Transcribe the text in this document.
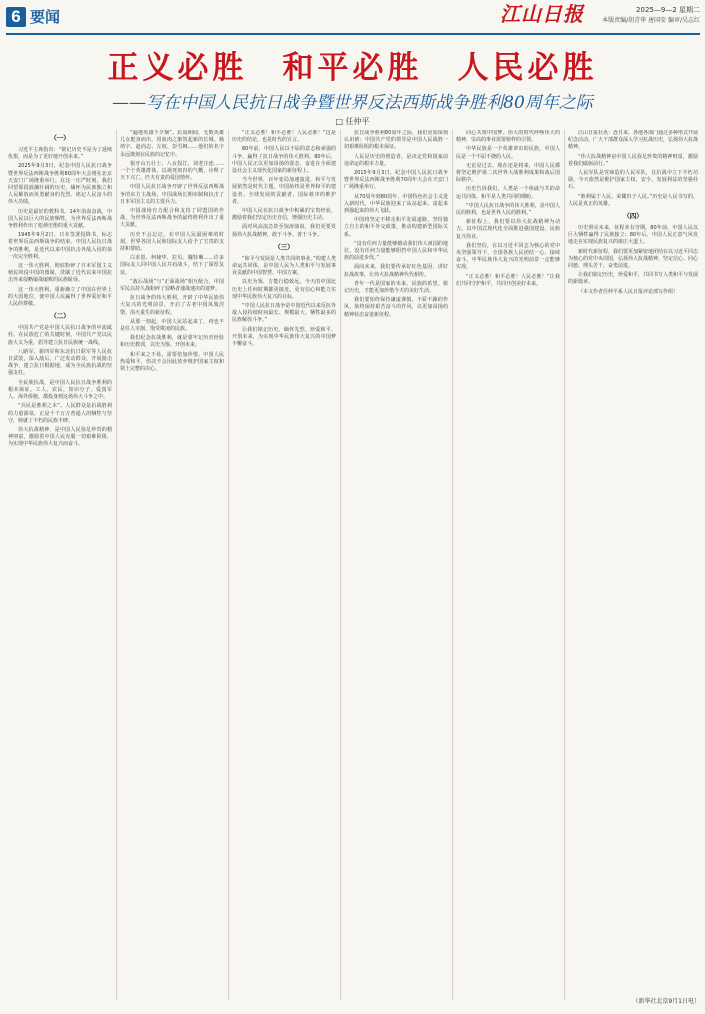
6 要闻	江山日报	2025—9—2 星期二
本版责编/胡青华 唐国安 编审/吴志红
正义必胜　和平必胜　人民必胜
——写在中国人民抗日战争暨世界反法西斯战争胜利80周年之际
□ 任仲平
（一）

习近平主席指出：“铭记历史不是为了延续仇恨，而是为了更好地开创未来。”

2025年9月3日，纪念中国人民抗日战争暨世界反法西斯战争胜利80周年大会将在北京天安门广场隆重举行。在这一庄严时刻，我们回望那段波澜壮阔的历史，缅怀为民族独立和人民解放而英勇献身的先烈，铭记人民奋斗的伟大功绩。

历史是最好的教科书。14年浴血奋战，中国人民以巨大的民族牺牲，为世界反法西斯战争胜利作出了彪炳史册的重大贡献。

1945年9月2日，日本签署投降书，标志着世界反法西斯战争的结束。中国人民抗日战争的胜利，是近代以来中国抗击外敌入侵的第一次完全胜利。

这一伟大胜利，彻底粉碎了日本军国主义殖民奴役中国的图谋，洗刷了近代以来中国抗击外来侵略屡战屡败的民族耻辱。

这一伟大胜利，重新确立了中国在世界上的大国地位，使中国人民赢得了世界爱好和平人民的尊敬。

（二）

中国共产党是中国人民抗日战争的中流砥柱。在民族危亡的关键时刻，中国共产党以民族大义为重，倡导建立抗日民族统一战线。

八路军、新四军和东北抗日联军等人民抗日武装，深入敌后，广泛发动群众，开展游击战争，建立抗日根据地，成为全民族抗战的坚强支柱。

全民族抗战，是中国人民抗日战争胜利的根本保证。工人、农民、知识分子、爱国军人、海外侨胞，都投身到这场伟大斗争之中。

“兵民是胜利之本”。人民群众是抗战胜利的力量源泉，正是千千万万普通人的牺牲与坚守，铸就了不朽的民族丰碑。

伟大抗战精神，是中国人民弥足珍贵的精神财富，激励着中国人民克服一切艰难险阻，为实现中华民族伟大复兴而奋斗。

“遍地英雄下夕烟”。抗战期间，无数英雄儿女挺身而出，用血肉之躯筑起新的长城。杨靖宇、赵尚志、左权、彭雪枫……他们的名字永远镌刻在民族的记忆中。

狼牙山五壮士、八女投江、刘老庄连……一个个英雄群体，以视死如归的气概，诠释了天下兴亡、匹夫有责的爱国情怀。

中国人民抗日战争开辟了世界反法西斯战争的东方主战场。中国战场长期牵制和抗击了日本军国主义的主要兵力。

中国战场有力配合和支持了同盟国的作战，为世界反法西斯战争的最终胜利作出了重大贡献。

历史不会忘记，在中国人民最困难的时刻，世界各国人民和国际友人给予了宝贵的支持和帮助。

白求恩、柯棣华、拉贝、魏特琳……许多国际友人同中国人民并肩战斗，结下了深厚友谊。

“敌后战场”与“正面战场”相互配合，中国军民以持久战粉碎了侵略者速战速决的迷梦。

抗日战争的伟大胜利，开辟了中华民族伟大复兴的光明前景，开启了古老中国凤凰涅槃、浴火重生的新征程。

从那一刻起，中国人民站起来了，再也不是任人宰割、饱受欺凌的民族。

我们纪念抗战胜利，就是要牢记历史经验和历史教训，以史为鉴、开创未来。

和平来之不易，需要倍加珍惜。中国人民热爱和平，但决不会因此放弃维护国家主权和领土完整的决心。

“正义必胜！和平必胜！人民必胜！”这是历史的结论，也是时代的宣言。

80年前，中国人民以不屈的意志和顽强的斗争，赢得了抗日战争的伟大胜利。80年后，中国人民正以更加昂扬的姿态，奋进在全面建设社会主义现代化国家的新征程上。

当今世界，百年变局加速演进，和平与发展依然是时代主题。中国始终是世界和平的建设者、全球发展的贡献者、国际秩序的维护者。

中国人民在抗日战争中积累的宝贵经验，激励着我们坚定历史自信，增强历史主动。

面对风高浪急甚至惊涛骇浪，我们更要发扬伟大抗战精神，敢于斗争、善于斗争。

（三）

“和平与发展是人类共同的事业。”构建人类命运共同体，是中国人民为人类和平与发展事业贡献的中国智慧、中国方案。

以史为鉴，方能行稳致远。今天的中国比历史上任何时期都更接近、更有信心和能力实现中华民族伟大复兴的目标。

“中国人民抗日战争是中国近代以来反抗外敌入侵持续时间最长、规模最大、牺牲最多的民族解放斗争。”

让我们铭记历史、缅怀先烈、珍爱和平、开创未来，为实现中华民族伟大复兴的中国梦不懈奋斗。

抗日战争胜利80周年之际，我们更加深刻认识到：中国共产党的领导是中国人民战胜一切艰难险阻的根本保证。

人民是历史的创造者，是决定党和国家前途命运的根本力量。

2015年9月3日，纪念中国人民抗日战争暨世界反法西斯战争胜利70周年大会在天安门广场隆重举行。

从70周年到80周年，中国特色社会主义进入新时代，中华民族迎来了从站起来、富起来到强起来的伟大飞跃。

中国将坚定不移走和平发展道路，坚持独立自主的和平外交政策，推动构建新型国际关系。

“没有任何力量能够撼动我们伟大祖国的地位，没有任何力量能够阻挡中国人民和中华民族的前进步伐。”

面向未来，我们要传承好红色基因，讲好抗战故事，让伟大抗战精神代代相传。

青年一代是国家的未来、民族的希望。铭记历史，才能更加珍惜今天的美好生活。

我们要始终保持谦虚谨慎、不骄不躁的作风，始终保持艰苦奋斗的作风，以更加昂扬的精神状态奋进新征程。

同心共筑中国梦。伟大的时代呼唤伟大的精神，崇高的事业需要榜样的引领。

中华民族是一个英雄辈出的民族，中国人民是一个不屈不挠的人民。

无论是过去、现在还是将来，中国人民都将坚定维护第二次世界大战胜利成果和战后国际秩序。

历史告诉我们，人类是一个休戚与共的命运共同体，和平是人类共同的期盼。

“中国人民抗日战争的伟大胜利，是中国人民的胜利，也是世界人民的胜利。”

新征程上，我们要以伟大抗战精神为动力，以中国式现代化全面推进强国建设、民族复兴伟业。

我们坚信，在以习近平同志为核心的党中央坚强领导下，全国各族人民团结一心、接续奋斗，中华民族伟大复兴的光明前景一定能够实现。

“正义必胜！和平必胜！人民必胜！”让我们共同守护和平，共同开创美好未来。

江山日报社讯：连日来，各地各部门通过多种形式开展纪念活动，广大干部群众深入学习抗战历史，弘扬伟大抗战精神。

“伟大抗战精神是中国人民弥足珍贵的精神财富，激励着我们砥砺前行。”

人民军队是党缔造的人民军队，在抗战中立下不朽功勋，今天依然是维护国家主权、安全、发展利益的坚强柱石。

“胜利属于人民，荣耀归于人民。”历史是人民书写的，人民是真正的英雄。

（四）

历史照亮未来，征程未有穷期。80年前，中国人民以巨大牺牲赢得了民族独立；80年后，中国人民正意气风发地走在实现民族复兴的康庄大道上。

新时代新征程，我们要更加紧密地团结在以习近平同志为核心的党中央周围，弘扬伟大抗战精神，坚定信心、同心同德，埋头苦干、奋勇前进。

让我们铭记历史，珍爱和平，共同书写人类和平与发展的新篇章。

（本文作者任仲平系人民日报评论部写作组）

（新华社北京9月1日电）
